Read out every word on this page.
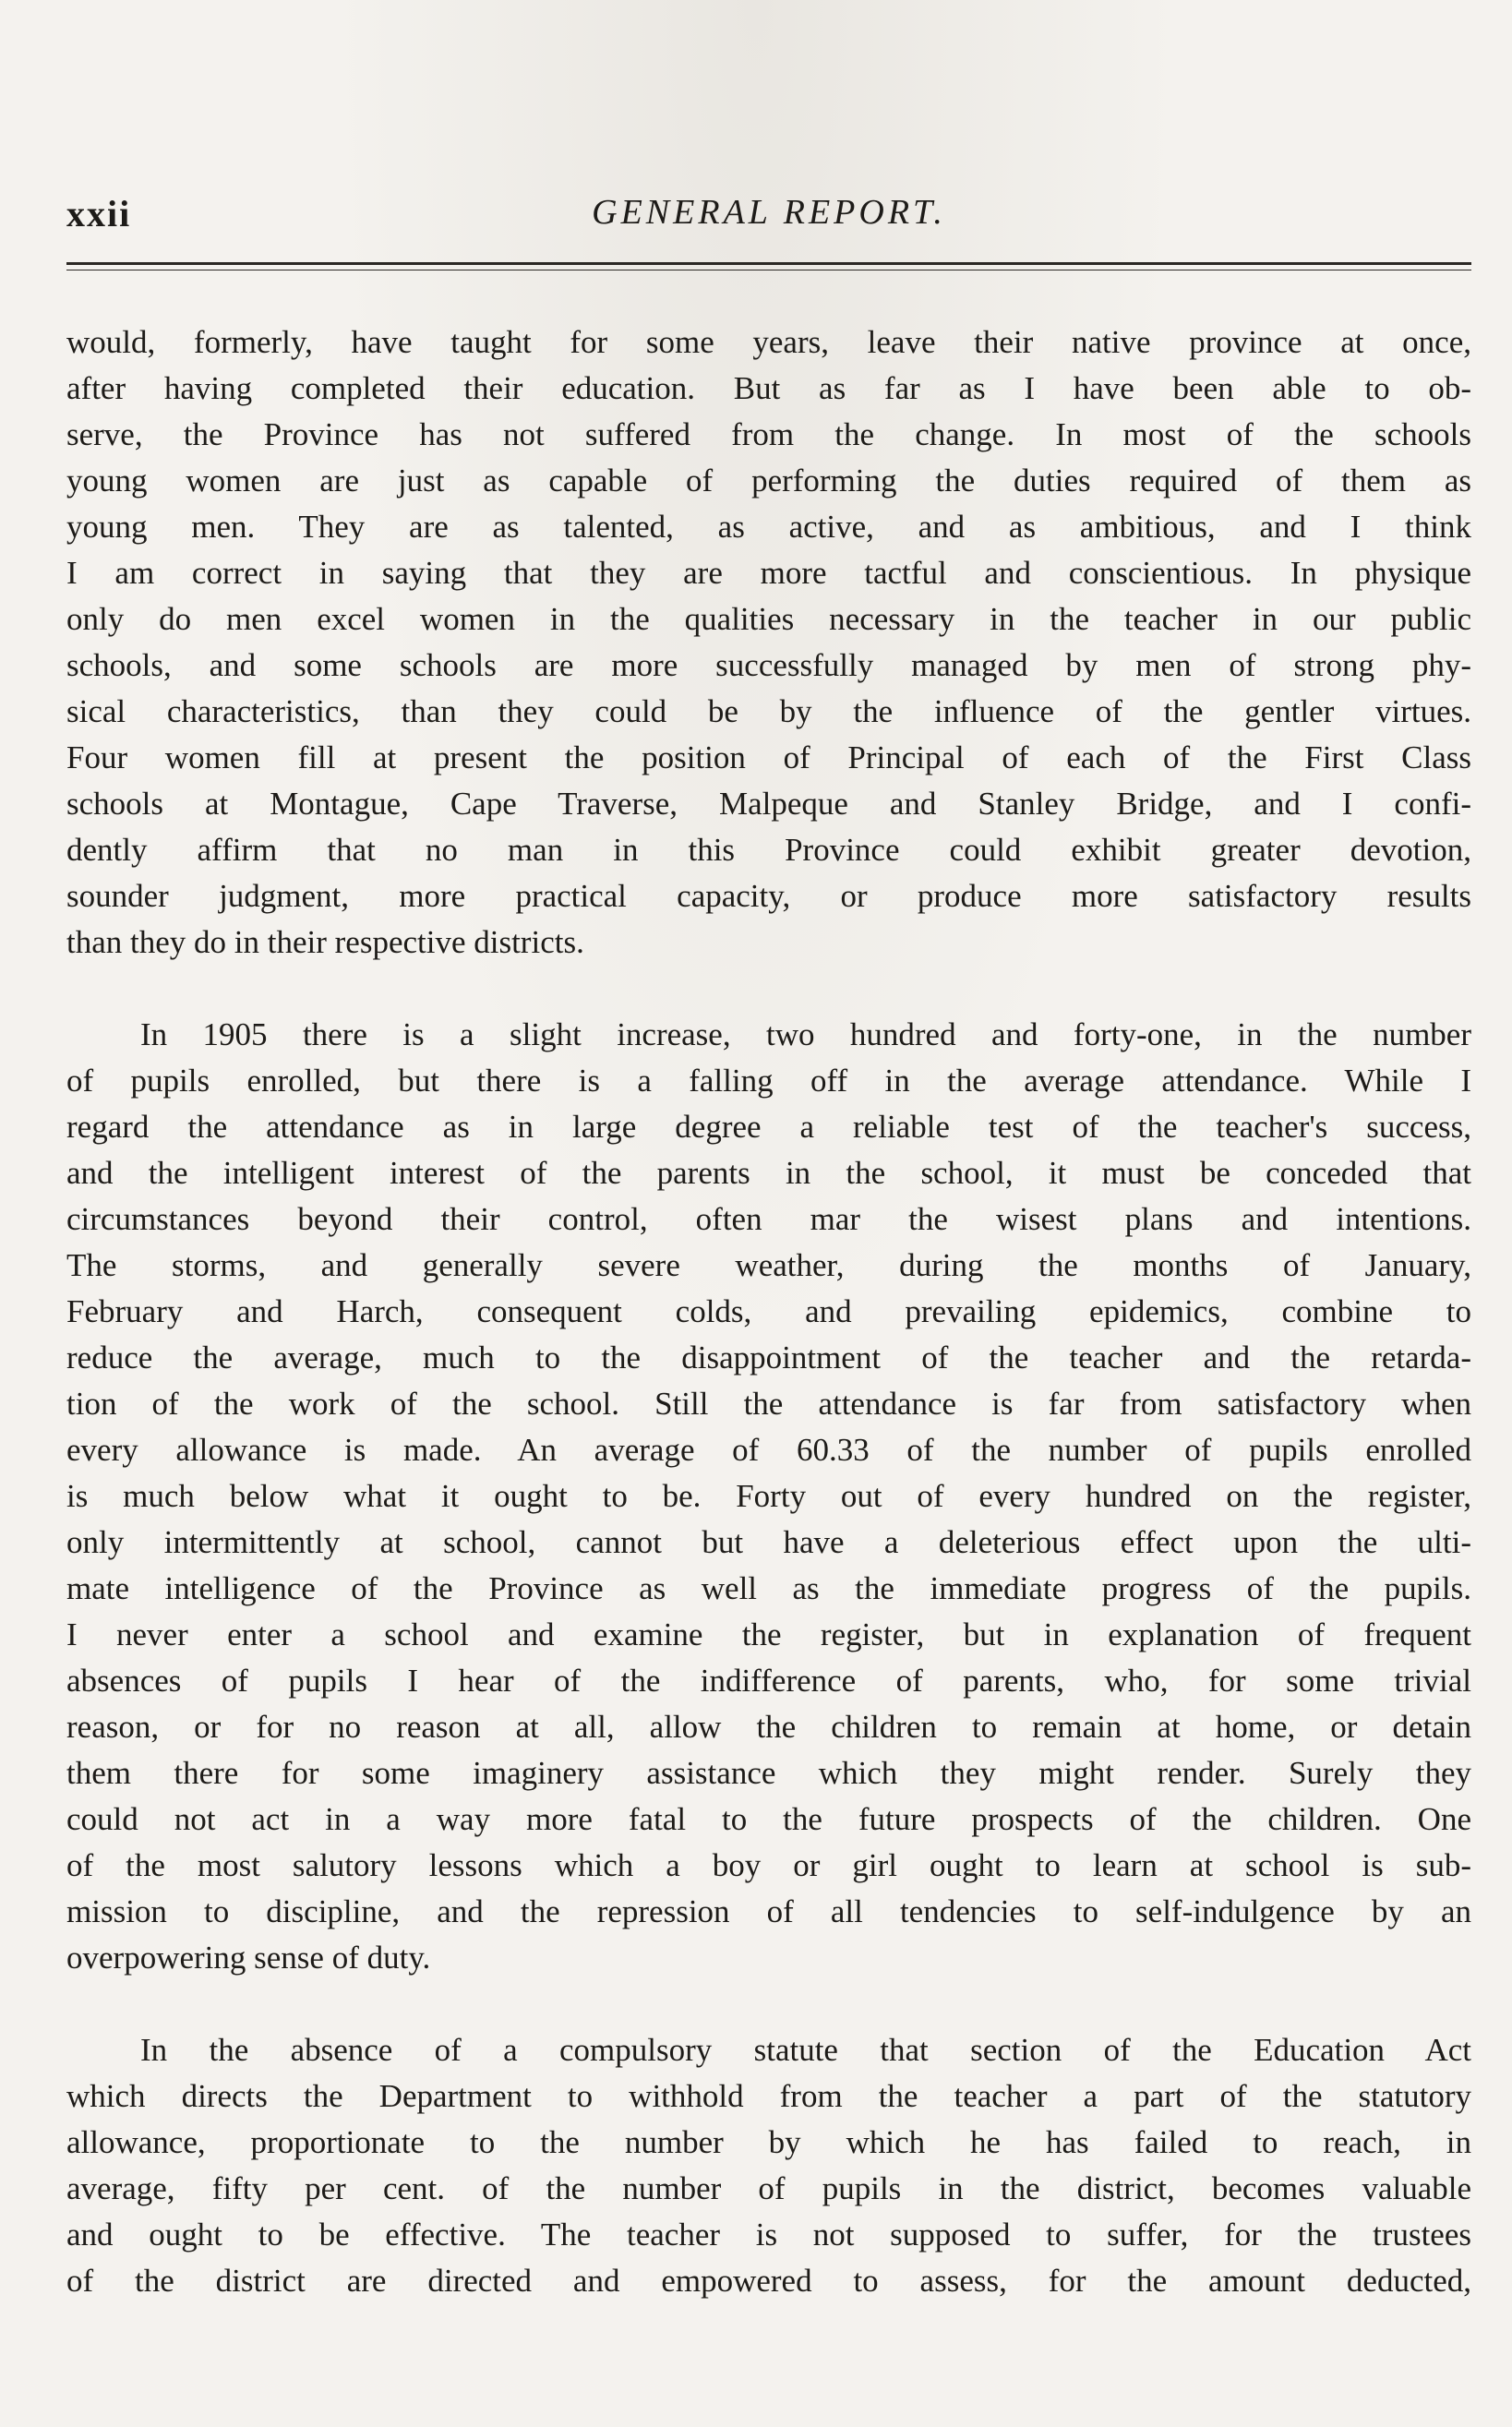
xxii	GENERAL REPORT.

would, formerly, have taught for some years, leave their native province at once,
after having completed their education. But as far as I have been able to ob-
serve, the Province has not suffered from the change. In most of the schools
young women are just as capable of performing the duties required of them as
young men. They are as talented, as active, and as ambitious, and I think
I am correct in saying that they are more tactful and conscientious. In physique
only do men excel women in the qualities necessary in the teacher in our public
schools, and some schools are more successfully managed by men of strong phy-
sical characteristics, than they could be by the influence of the gentler virtues.
Four women fill at present the position of Principal of each of the First Class
schools at Montague, Cape Traverse, Malpeque and Stanley Bridge, and I confi-
dently affirm that no man in this Province could exhibit greater devotion,
sounder judgment, more practical capacity, or produce more satisfactory results
than they do in their respective districts.

In 1905 there is a slight increase, two hundred and forty-one, in the number
of pupils enrolled, but there is a falling off in the average attendance. While I
regard the attendance as in large degree a reliable test of the teacher's success,
and the intelligent interest of the parents in the school, it must be conceded that
circumstances beyond their control, often mar the wisest plans and intentions.
The storms, and generally severe weather, during the months of January,
February and Harch, consequent colds, and prevailing epidemics, combine to
reduce the average, much to the disappointment of the teacher and the retarda-
tion of the work of the school. Still the attendance is far from satisfactory when
every allowance is made. An average of 60.33 of the number of pupils enrolled
is much below what it ought to be. Forty out of every hundred on the register,
only intermittently at school, cannot but have a deleterious effect upon the ulti-
mate intelligence of the Province as well as the immediate progress of the pupils.
I never enter a school and examine the register, but in explanation of frequent
absences of pupils I hear of the indifference of parents, who, for some trivial
reason, or for no reason at all, allow the children to remain at home, or detain
them there for some imaginery assistance which they might render. Surely they
could not act in a way more fatal to the future prospects of the children. One
of the most salutory lessons which a boy or girl ought to learn at school is sub-
mission to discipline, and the repression of all tendencies to self-indulgence by an
overpowering sense of duty.

In the absence of a compulsory statute that section of the Education Act
which directs the Department to withhold from the teacher a part of the statutory
allowance, proportionate to the number by which he has failed to reach, in
average, fifty per cent. of the number of pupils in the district, becomes valuable
and ought to be effective. The teacher is not supposed to suffer, for the trustees
of the district are directed and empowered to assess, for the amount deducted,
